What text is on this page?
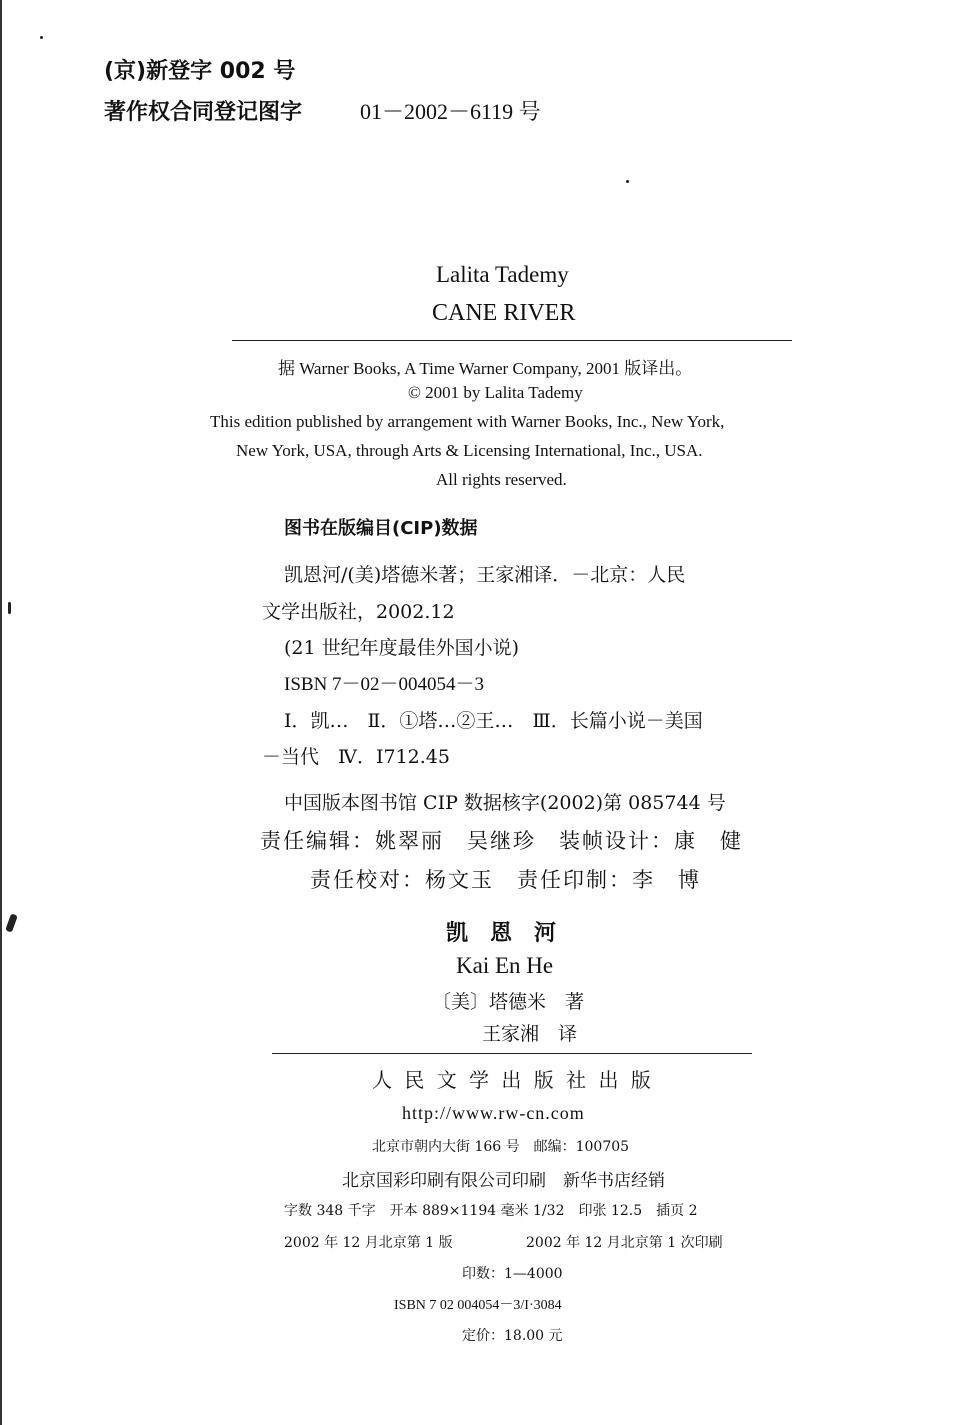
(京)新登字 002 号
著作权合同登记图字	01－2002－6119 号
Lalita Tademy
CANE RIVER
据 Warner Books, A Time Warner Company, 2001 版译出。
© 2001 by Lalita Tademy
This edition published by arrangement with Warner Books, Inc., New York,
New York, USA, through Arts & Licensing International, Inc., USA.
All rights reserved.
图书在版编目(CIP)数据
凯恩河/(美)塔德米著；王家湘译．－北京：人民
文学出版社，2002.12
(21 世纪年度最佳外国小说)
ISBN 7－02－004054－3
Ⅰ．凯…　Ⅱ．①塔…②王…　Ⅲ．长篇小说－美国
－当代　Ⅳ．I712.45
中国版本图书馆 CIP 数据核字(2002)第 085744 号
责任编辑：姚翠丽　吴继珍　装帧设计：康　健
责任校对：杨文玉　责任印制：李　博
凯　恩　河
Kai En He
〔美〕塔德米　著
王家湘　译
人 民 文 学 出 版 社 出 版
http://www.rw-cn.com
北京市朝内大街 166 号　邮编：100705
北京国彩印刷有限公司印刷　新华书店经销
字数 348 千字　开本 889×1194 毫米 1/32　印张 12.5　插页 2
2002 年 12 月北京第 1 版	2002 年 12 月北京第 1 次印刷
印数：1—4000
ISBN 7 02 004054－3/I·3084
定价：18.00 元
